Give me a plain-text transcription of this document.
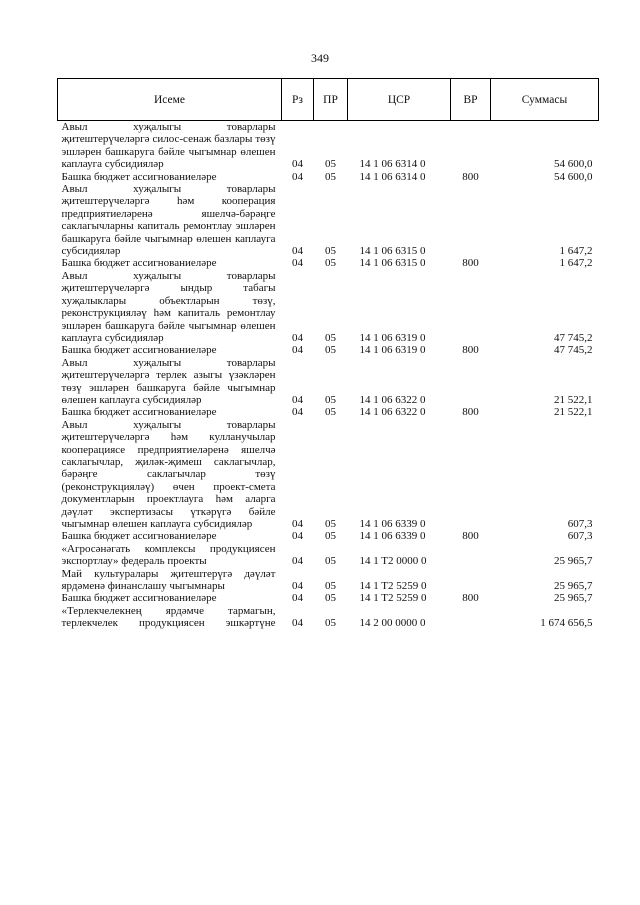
349
Исеме	Рз	ПР	ЦСР	ВР	Суммасы
Авыл хуҗалыгы товарлары җитештерүчеләргә силос-сенаж базлары төзү эшләрен башкаруга бәйле чыгымнар өлешен каплауга субсидияләр	04	05	14 1 06 6314 0		54 600,0
Башка бюджет ассигнованиеләре	04	05	14 1 06 6314 0	800	54 600,0
Авыл хуҗалыгы товарлары җитештерүчеләргә һәм кооперация предприятиеләренә яшелчә-бәрәңге саклагычларны капиталь ремонтлау эшләрен башкаруга бәйле чыгымнар өлешен каплауга субсидияләр	04	05	14 1 06 6315 0		1 647,2
Башка бюджет ассигнованиеләре	04	05	14 1 06 6315 0	800	1 647,2
Авыл хуҗалыгы товарлары җитештерүчеләргә ындыр табагы хуҗалыклары объектларын төзү, реконструкцияләү һәм капиталь ремонтлау эшләрен башкаруга бәйле чыгымнар өлешен каплауга субсидияләр	04	05	14 1 06 6319 0		47 745,2
Башка бюджет ассигнованиеләре	04	05	14 1 06 6319 0	800	47 745,2
Авыл хуҗалыгы товарлары җитештерүчеләргә терлек азыгы үзәкләрен төзү эшләрен башкаруга бәйле чыгымнар өлешен каплауга субсидияләр	04	05	14 1 06 6322 0		21 522,1
Башка бюджет ассигнованиеләре	04	05	14 1 06 6322 0	800	21 522,1
Авыл хуҗалыгы товарлары җитештерүчеләргә һәм кулланучылар кооперациясе предприятиеләренә яшелчә саклагычлар, җиләк-җимеш саклагычлар, бәрәңге саклагычлар төзү (реконструкцияләү) өчен проект-смета документларын проектлауга һәм аларга дәүләт экспертизасы үткәрүгә бәйле чыгымнар өлешен каплауга субсидияләр	04	05	14 1 06 6339 0		607,3
Башка бюджет ассигнованиеләре	04	05	14 1 06 6339 0	800	607,3
«Агросәнәгать комплексы продукциясен экспортлау» федераль проекты	04	05	14 1 T2 0000 0		25 965,7
Май культуралары җитештерүгә дәүләт ярдәменә финанслашу чыгымнары	04	05	14 1 T2 5259 0		25 965,7
Башка бюджет ассигнованиеләре	04	05	14 1 T2 5259 0	800	25 965,7
«Терлекчелекнең ярдәмче тармагын, терлекчелек продукциясен эшкәртүне	04	05	14 2 00 0000 0		1 674 656,5
